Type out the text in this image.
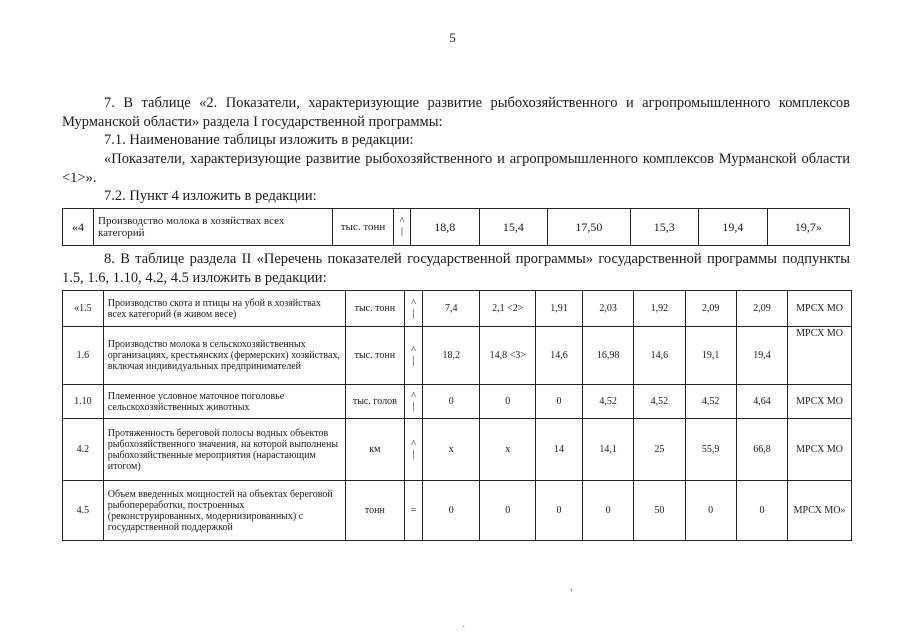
5

7. В таблице «2. Показатели, характеризующие развитие рыбохозяйственного и агропромышленного комплексов Мурманской области» раздела I государственной программы:

7.1. Наименование таблицы изложить в редакции:

«Показатели, характеризующие развитие рыбохозяйственного и агропромышленного комплексов Мурманской области <1>».

7.2. Пункт 4 изложить в редакции:

«4	Производство молока в хозяйствах всех категорий	тыс. тонн	^
|	18,8	15,4	17,50	15,3	19,4	19,7»

8. В таблице раздела II «Перечень показателей государственной программы» государственной программы подпункты 1.5, 1.6, 1.10, 4.2, 4.5 изложить в редакции:

«1.5	Производство скота и птицы на убой в хозяйствах всех категорий (в живом весе)	тыс. тонн	^
|	7,4	2,1 <2>	1,91	2,03	1,92	2,09	2,09	МРСХ МО
1.6	Производство молока в сельскохозяйственных организациях, крестьянских (фермерских) хозяйствах, включая индивидуальных предпринимателей	тыс. тонн	^
|	18,2	14,8 <3>	14,6	16,98	14,6	19,1	19,4	МРСХ МО
1.10	Племенное условное маточное поголовье сельскохозяйственных животных	тыс. голов	^
|	0	0	0	4,52	4,52	4,52	4,64	МРСХ МО
4.2	Протяженность береговой полосы водных объектов рыбохозяйственного значения, на которой выполнены рыбохозяйственные мероприятия (нарастающим итогом)	км	^
|	x	x	14	14,1	25	55,9	66,8	МРСХ МО
4.5	Объем введенных мощностей на объектах береговой рыбопереработки, построенных (реконструированных, модернизированных) с государственной поддержкой	тонн	=	0	0	0	0	50	0	0	МРСХ МО»
,
·
